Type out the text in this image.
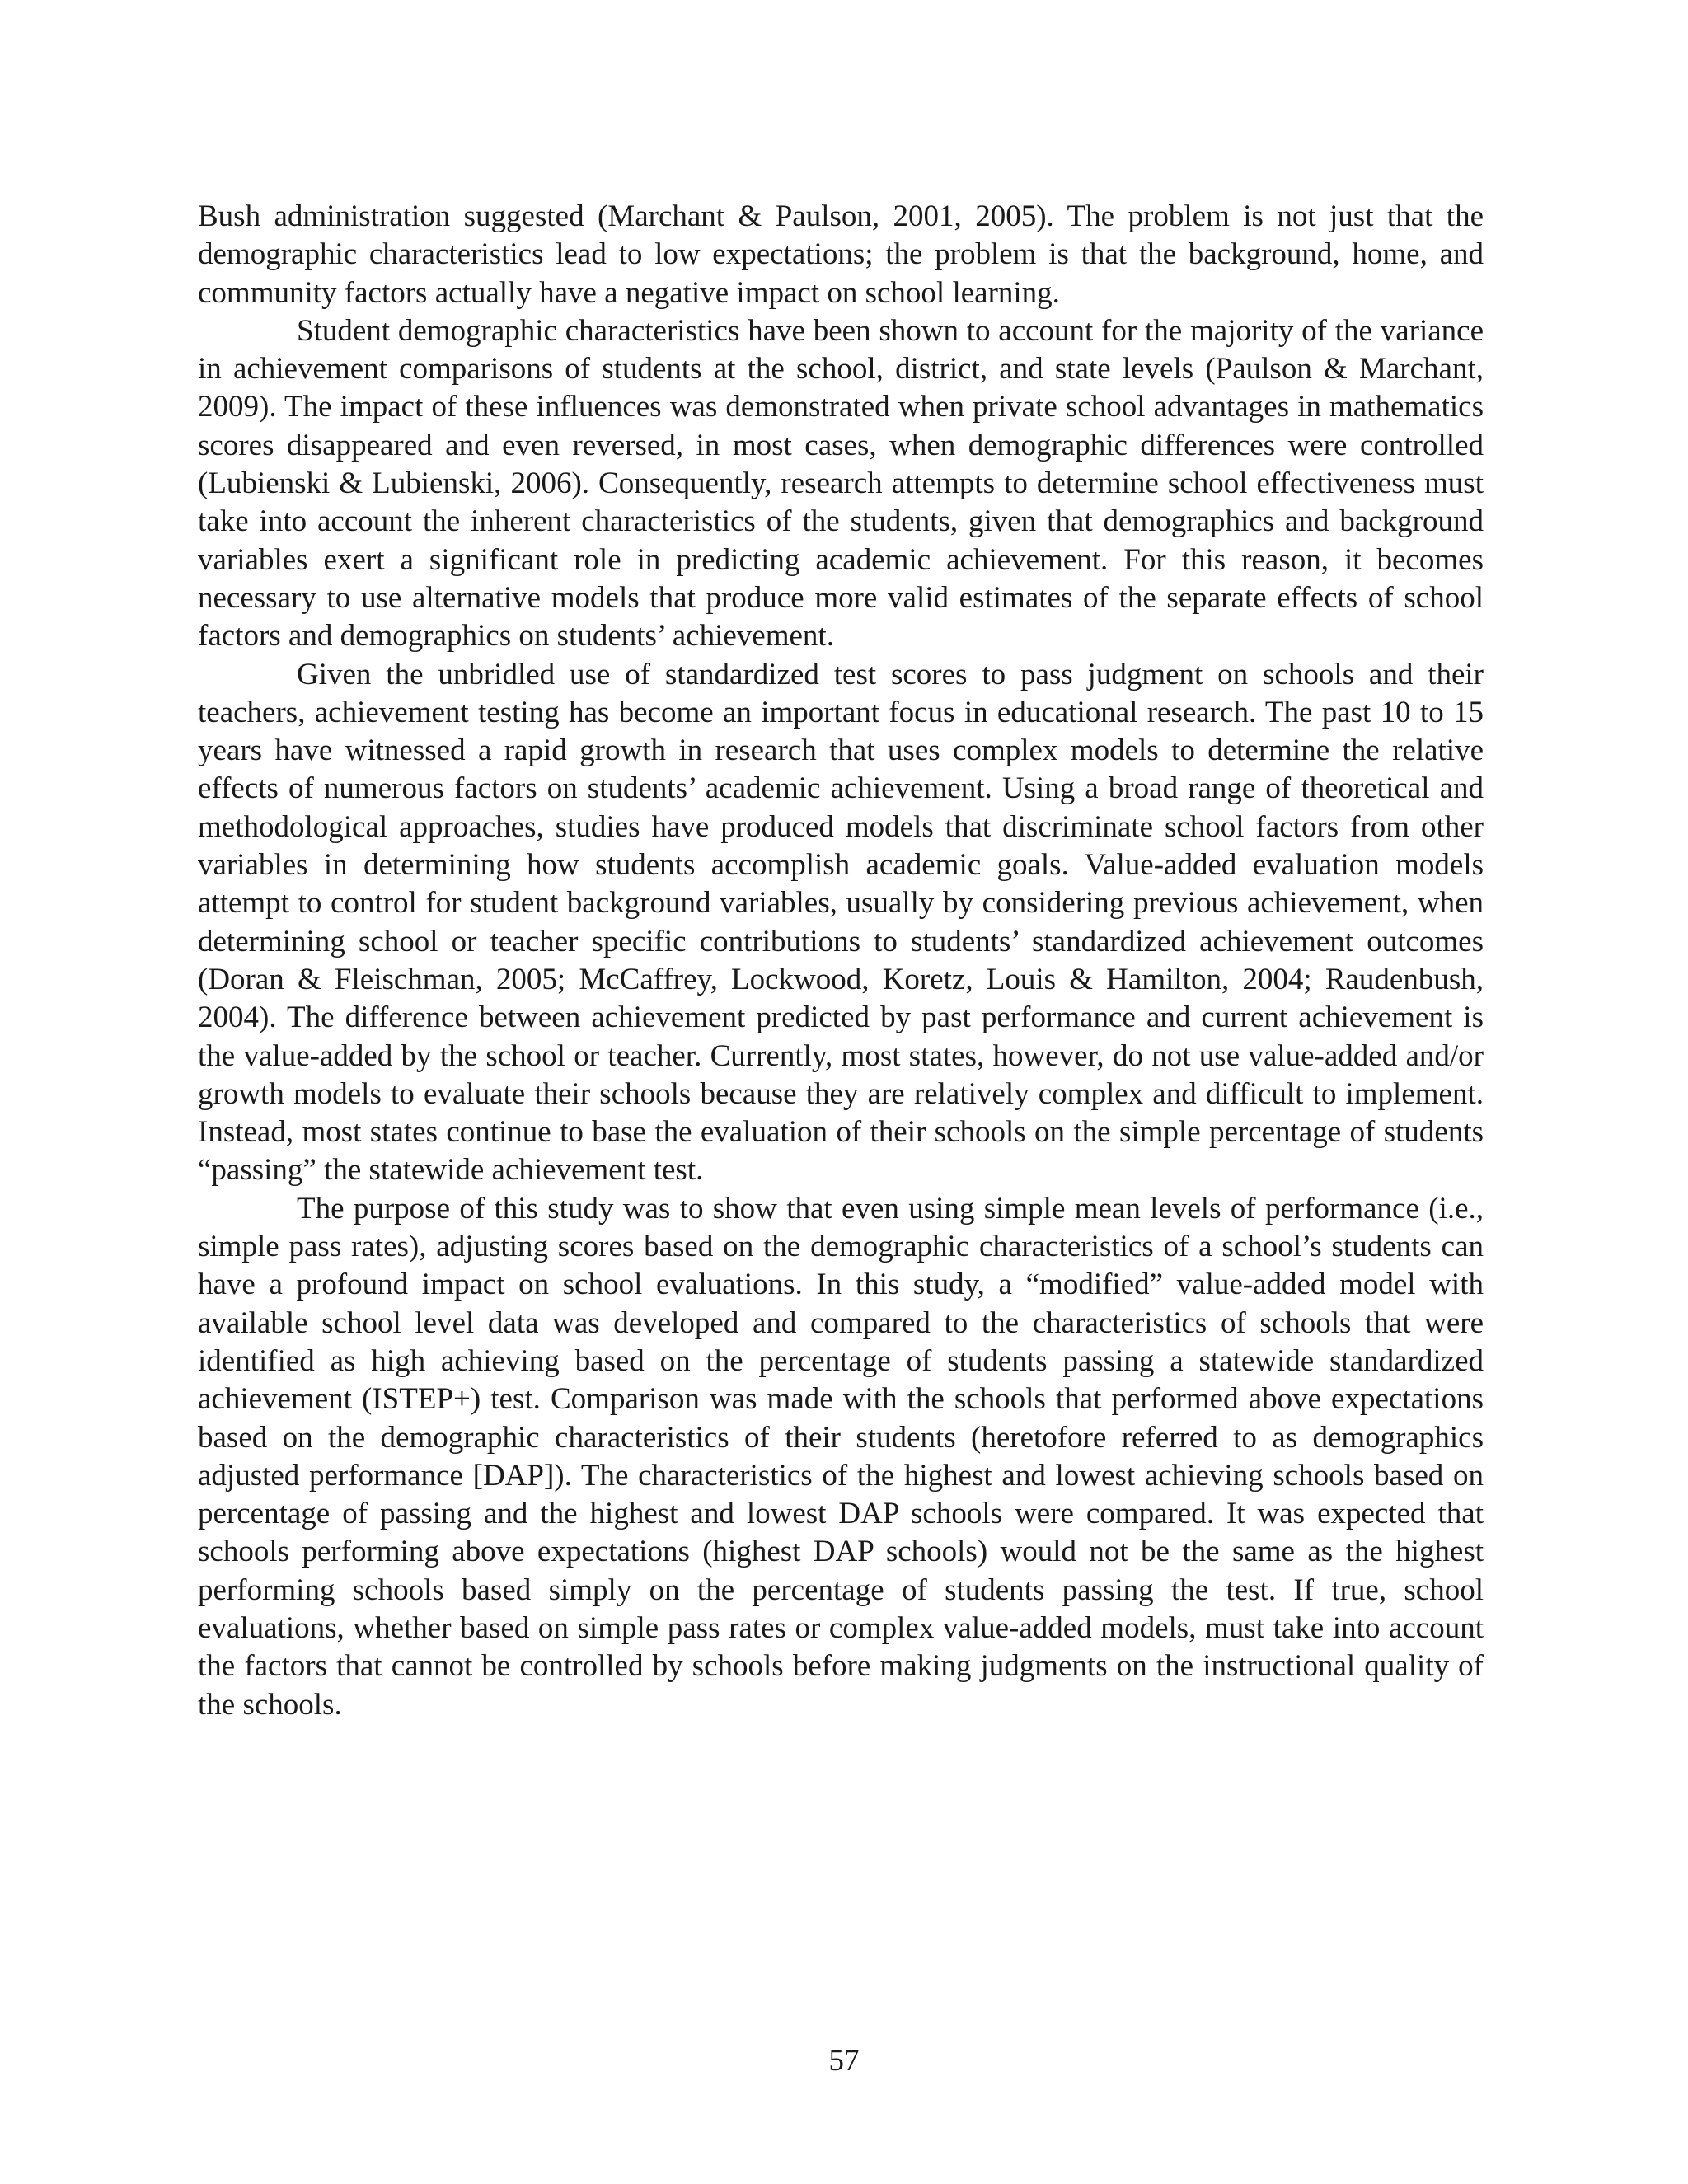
Bush administration suggested (Marchant & Paulson, 2001, 2005). The problem is not just that the demographic characteristics lead to low expectations; the problem is that the background, home, and community factors actually have a negative impact on school learning.

Student demographic characteristics have been shown to account for the majority of the variance in achievement comparisons of students at the school, district, and state levels (Paulson & Marchant, 2009). The impact of these influences was demonstrated when private school advantages in mathematics scores disappeared and even reversed, in most cases, when demographic differences were controlled (Lubienski & Lubienski, 2006). Consequently, research attempts to determine school effectiveness must take into account the inherent characteristics of the students, given that demographics and background variables exert a significant role in predicting academic achievement. For this reason, it becomes necessary to use alternative models that produce more valid estimates of the separate effects of school factors and demographics on students’ achievement.

Given the unbridled use of standardized test scores to pass judgment on schools and their teachers, achievement testing has become an important focus in educational research. The past 10 to 15 years have witnessed a rapid growth in research that uses complex models to determine the relative effects of numerous factors on students’ academic achievement. Using a broad range of theoretical and methodological approaches, studies have produced models that discriminate school factors from other variables in determining how students accomplish academic goals. Value-added evaluation models attempt to control for student background variables, usually by considering previous achievement, when determining school or teacher specific contributions to students’ standardized achievement outcomes (Doran & Fleischman, 2005; McCaffrey, Lockwood, Koretz, Louis & Hamilton, 2004; Raudenbush, 2004). The difference between achievement predicted by past performance and current achievement is the value-added by the school or teacher. Currently, most states, however, do not use value-added and/or growth models to evaluate their schools because they are relatively complex and difficult to implement. Instead, most states continue to base the evaluation of their schools on the simple percentage of students “passing” the statewide achievement test.

The purpose of this study was to show that even using simple mean levels of performance (i.e., simple pass rates), adjusting scores based on the demographic characteristics of a school’s students can have a profound impact on school evaluations. In this study, a “modified” value-added model with available school level data was developed and compared to the characteristics of schools that were identified as high achieving based on the percentage of students passing a statewide standardized achievement (ISTEP+) test. Comparison was made with the schools that performed above expectations based on the demographic characteristics of their students (heretofore referred to as demographics adjusted performance [DAP]). The characteristics of the highest and lowest achieving schools based on percentage of passing and the highest and lowest DAP schools were compared. It was expected that schools performing above expectations (highest DAP schools) would not be the same as the highest performing schools based simply on the percentage of students passing the test. If true, school evaluations, whether based on simple pass rates or complex value-added models, must take into account the factors that cannot be controlled by schools before making judgments on the instructional quality of the schools.

57
